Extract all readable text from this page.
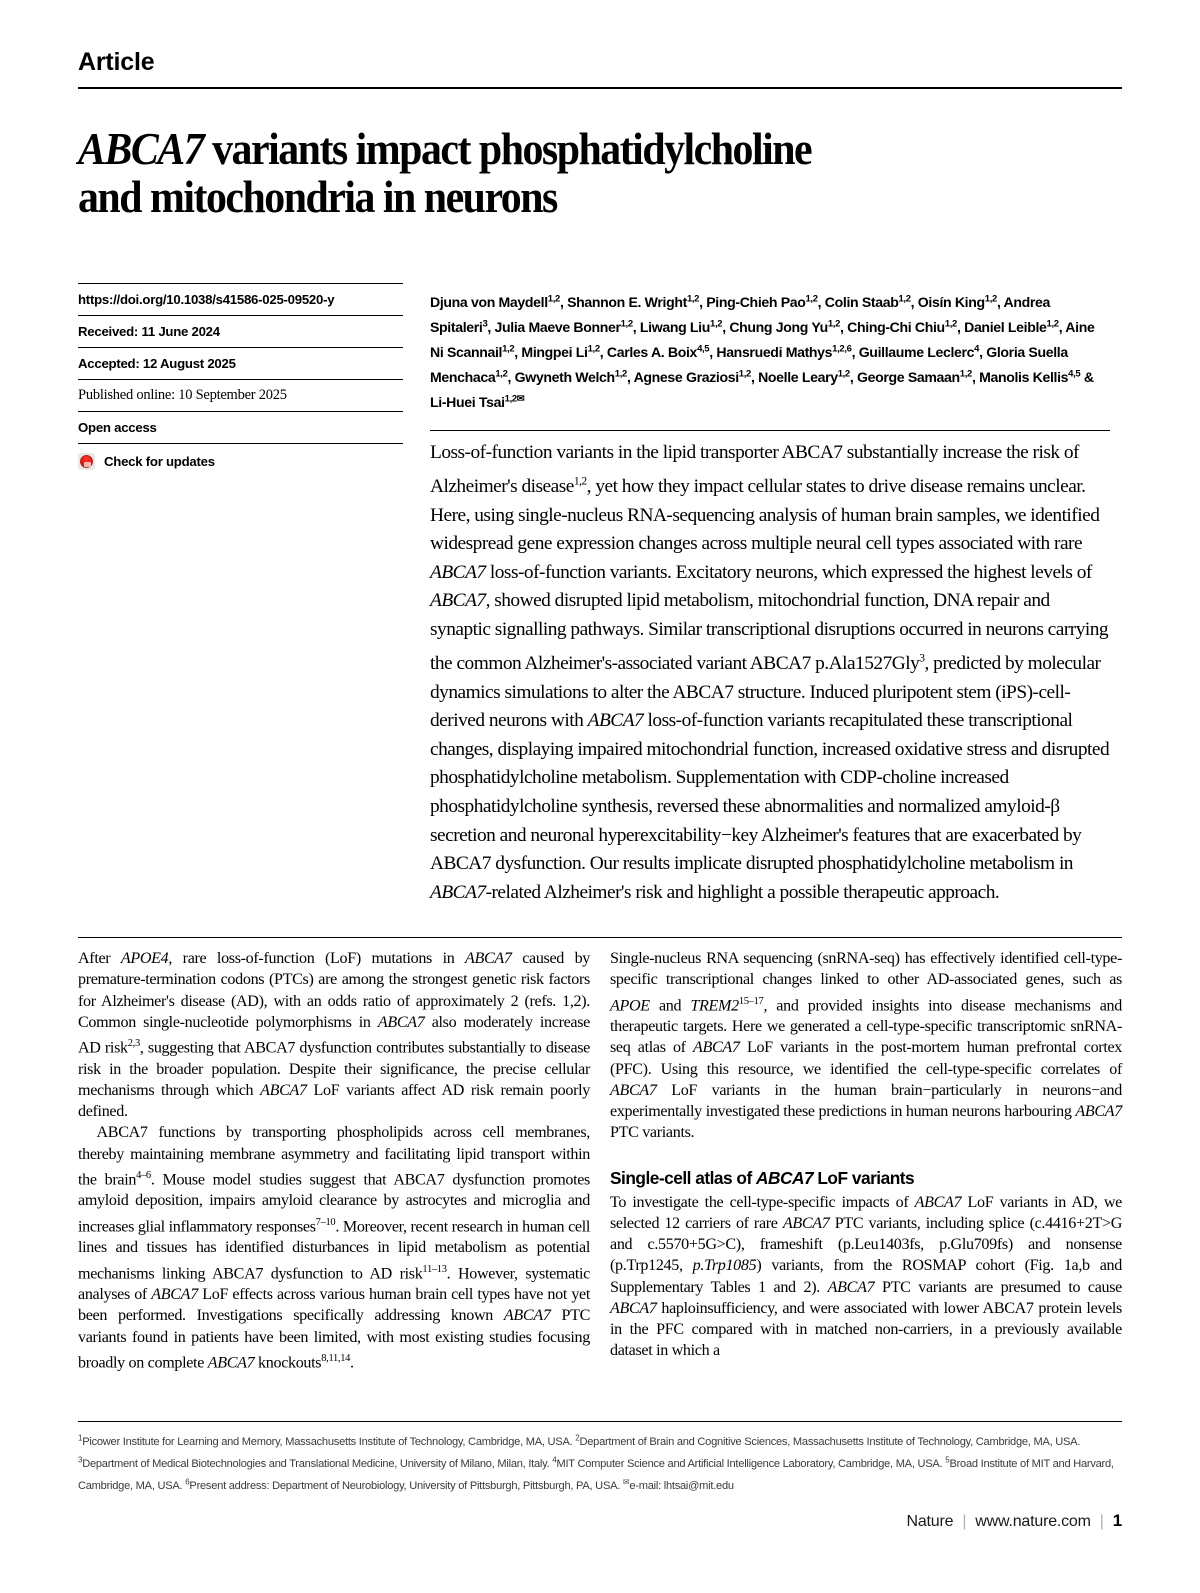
Article
ABCA7 variants impact phosphatidylcholine
and mitochondria in neurons
https://doi.org/10.1038/s41586-025-09520-y
Received: 11 June 2024
Accepted: 12 August 2025
Published online: 10 September 2025
Open access
Check for updates
Djuna von Maydell$^{1,2}$, Shannon E. Wright$^{1,2}$, Ping-Chieh Pao$^{1,2}$, Colin Staab$^{1,2}$, Oisín King$^{1,2}$, Andrea Spitaleri$^3$, Julia Maeve Bonner$^{1,2}$, Liwang Liu$^{1,2}$, Chung Jong Yu$^{1,2}$, Ching-Chi Chiu$^{1,2}$, Daniel Leible$^{1,2}$, Aine Ni Scannail$^{1,2}$, Mingpei Li$^{1,2}$, Carles A. Boix$^{4,5}$, Hansruedi Mathys$^{1,2,6}$, Guillaume Leclerc$^4$, Gloria Suella Menchaca$^{1,2}$, Gwyneth Welch$^{1,2}$, Agnese Graziosi$^{1,2}$, Noelle Leary$^{1,2}$, George Samaan$^{1,2}$, Manolis Kellis$^{4,5}$ & Li-Huei Tsai$^{1,2✉}$
Loss-of-function variants in the lipid transporter ABCA7 substantially increase the risk of Alzheimer's disease$^{1,2}$, yet how they impact cellular states to drive disease remains unclear. Here, using single-nucleus RNA-sequencing analysis of human brain samples, we identified widespread gene expression changes across multiple neural cell types associated with rare ABCA7 loss-of-function variants. Excitatory neurons, which expressed the highest levels of ABCA7, showed disrupted lipid metabolism, mitochondrial function, DNA repair and synaptic signalling pathways. Similar transcriptional disruptions occurred in neurons carrying the common Alzheimer's-associated variant ABCA7 p.Ala1527Gly$^3$, predicted by molecular dynamics simulations to alter the ABCA7 structure. Induced pluripotent stem (iPS)-cell-derived neurons with ABCA7 loss-of-function variants recapitulated these transcriptional changes, displaying impaired mitochondrial function, increased oxidative stress and disrupted phosphatidylcholine metabolism. Supplementation with CDP-choline increased phosphatidylcholine synthesis, reversed these abnormalities and normalized amyloid-β secretion and neuronal hyperexcitability−key Alzheimer's features that are exacerbated by ABCA7 dysfunction. Our results implicate disrupted phosphatidylcholine metabolism in ABCA7-related Alzheimer's risk and highlight a possible therapeutic approach.

After APOE4, rare loss-of-function (LoF) mutations in ABCA7 caused by premature-termination codons (PTCs) are among the strongest genetic risk factors for Alzheimer's disease (AD), with an odds ratio of approximately 2 (refs. 1,2). Common single-nucleotide polymorphisms in ABCA7 also moderately increase AD risk$^{2,3}$, suggesting that ABCA7 dysfunction contributes substantially to disease risk in the broader population. Despite their significance, the precise cellular mechanisms through which ABCA7 LoF variants affect AD risk remain poorly defined.

ABCA7 functions by transporting phospholipids across cell membranes, thereby maintaining membrane asymmetry and facilitating lipid transport within the brain$^{4-6}$. Mouse model studies suggest that ABCA7 dysfunction promotes amyloid deposition, impairs amyloid clearance by astrocytes and microglia and increases glial inflammatory responses$^{7-10}$. Moreover, recent research in human cell lines and tissues has identified disturbances in lipid metabolism as potential mechanisms linking ABCA7 dysfunction to AD risk$^{11-13}$. However, systematic analyses of ABCA7 LoF effects across various human brain cell types have not yet been performed. Investigations specifically addressing known ABCA7 PTC variants found in patients have been limited, with most existing studies focusing broadly on complete ABCA7 knockouts$^{8,11,14}$.

Single-nucleus RNA sequencing (snRNA-seq) has effectively identified cell-type-specific transcriptional changes linked to other AD-associated genes, such as APOE and TREM2$^{15-17}$, and provided insights into disease mechanisms and therapeutic targets. Here we generated a cell-type-specific transcriptomic snRNA-seq atlas of ABCA7 LoF variants in the post-mortem human prefrontal cortex (PFC). Using this resource, we identified the cell-type-specific correlates of ABCA7 LoF variants in the human brain−particularly in neurons−and experimentally investigated these predictions in human neurons harbouring ABCA7 PTC variants.

Single-cell atlas of ABCA7 LoF variants

To investigate the cell-type-specific impacts of ABCA7 LoF variants in AD, we selected 12 carriers of rare ABCA7 PTC variants, including splice (c.4416+2T>G and c.5570+5G>C), frameshift (p.Leu1403fs, p.Glu709fs) and nonsense (p.Trp1245, p.Trp1085) variants, from the ROSMAP cohort (Fig. 1a,b and Supplementary Tables 1 and 2). ABCA7 PTC variants are presumed to cause ABCA7 haploinsufficiency, and were associated with lower ABCA7 protein levels in the PFC compared with in matched non-carriers, in a previously available dataset in which a

$^1$Picower Institute for Learning and Memory, Massachusetts Institute of Technology, Cambridge, MA, USA. $^2$Department of Brain and Cognitive Sciences, Massachusetts Institute of Technology, Cambridge, MA, USA. $^3$Department of Medical Biotechnologies and Translational Medicine, University of Milano, Milan, Italy. $^4$MIT Computer Science and Artificial Intelligence Laboratory, Cambridge, MA, USA. $^5$Broad Institute of MIT and Harvard, Cambridge, MA, USA. $^6$Present address: Department of Neurobiology, University of Pittsburgh, Pittsburgh, PA, USA. ✉e-mail: lhtsai@mit.edu
Nature | www.nature.com | 1
